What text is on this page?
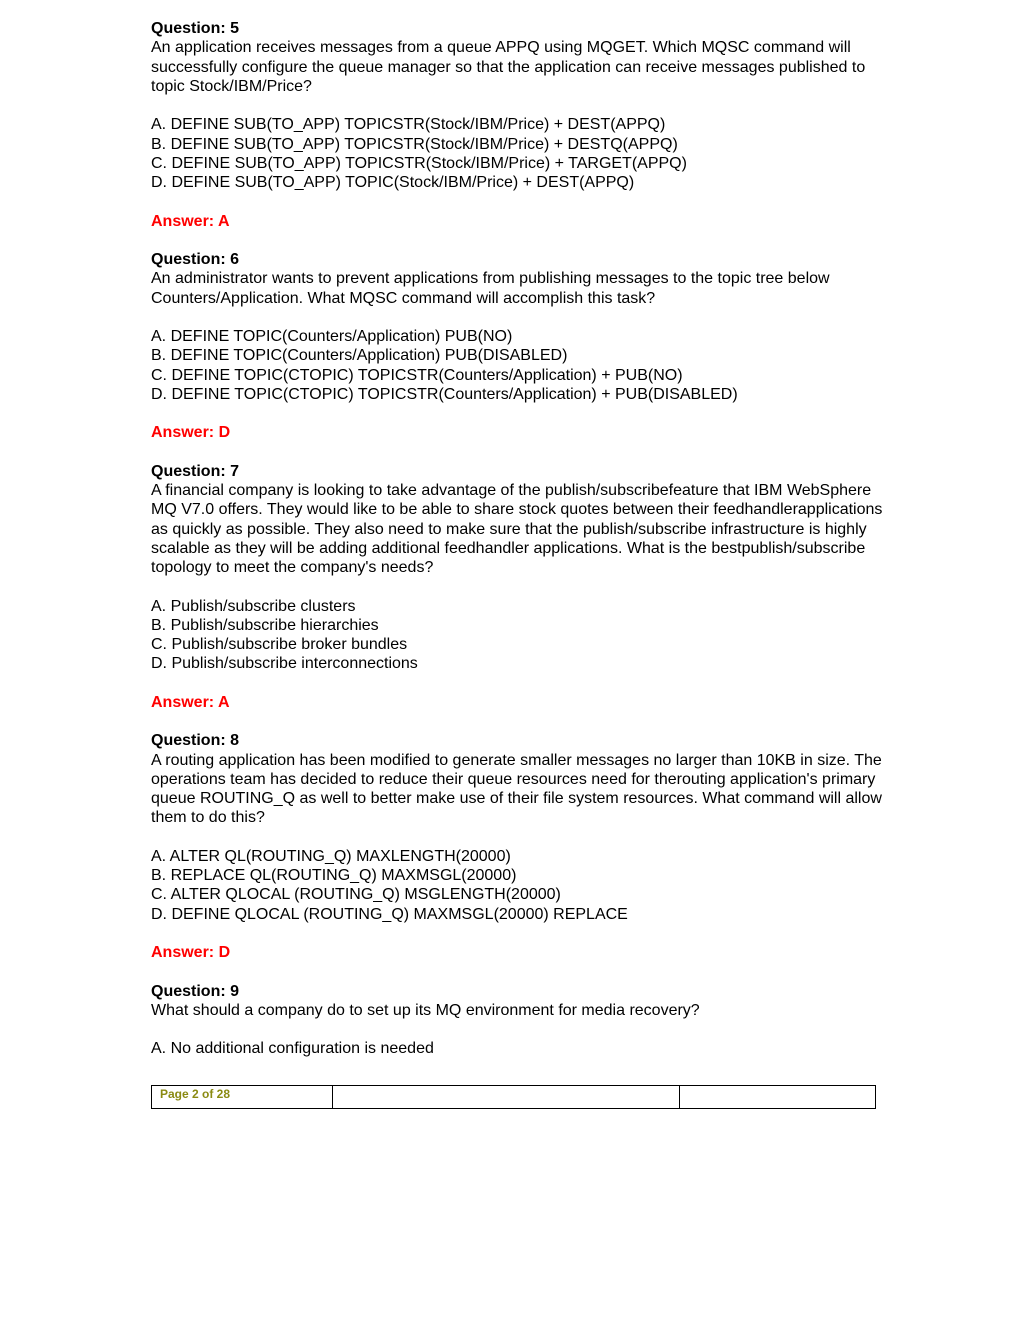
Question: 5
An application receives messages from a queue APPQ using MQGET. Which MQSC command will successfully configure the queue manager so that the application can receive messages published to topic Stock/IBM/Price?
A. DEFINE SUB(TO_APP) TOPICSTR(Stock/IBM/Price) + DEST(APPQ)
B. DEFINE SUB(TO_APP) TOPICSTR(Stock/IBM/Price) + DESTQ(APPQ)
C. DEFINE SUB(TO_APP) TOPICSTR(Stock/IBM/Price) + TARGET(APPQ)
D. DEFINE SUB(TO_APP) TOPIC(Stock/IBM/Price) + DEST(APPQ)
Answer: A
Question: 6
An administrator wants to prevent applications from publishing messages to the topic tree below Counters/Application. What MQSC command will accomplish this task?
A. DEFINE TOPIC(Counters/Application) PUB(NO)
B. DEFINE TOPIC(Counters/Application) PUB(DISABLED)
C. DEFINE TOPIC(CTOPIC) TOPICSTR(Counters/Application) + PUB(NO)
D. DEFINE TOPIC(CTOPIC) TOPICSTR(Counters/Application) + PUB(DISABLED)
Answer: D
Question: 7
A financial company is looking to take advantage of the publish/subscribefeature that IBM WebSphere MQ V7.0 offers. They would like to be able to share stock quotes between their feedhandlerapplications as quickly as possible. They also need to make sure that the publish/subscribe infrastructure is highly scalable as they will be adding additional feedhandler applications. What is the bestpublish/subscribe topology to meet the company's needs?
A. Publish/subscribe clusters
B. Publish/subscribe hierarchies
C. Publish/subscribe broker bundles
D. Publish/subscribe interconnections
Answer: A
Question: 8
A routing application has been modified to generate smaller messages no larger than 10KB in size. The operations team has decided to reduce their queue resources need for therouting application's primary queue ROUTING_Q as well to better make use of their file system resources. What command will allow them to do this?
A. ALTER QL(ROUTING_Q) MAXLENGTH(20000)
B. REPLACE QL(ROUTING_Q) MAXMSGL(20000)
C. ALTER QLOCAL (ROUTING_Q) MSGLENGTH(20000)
D. DEFINE QLOCAL (ROUTING_Q) MAXMSGL(20000) REPLACE
Answer: D
Question: 9
What should a company do to set up its MQ environment for media recovery?
A. No additional configuration is needed
Page 2 of 28
